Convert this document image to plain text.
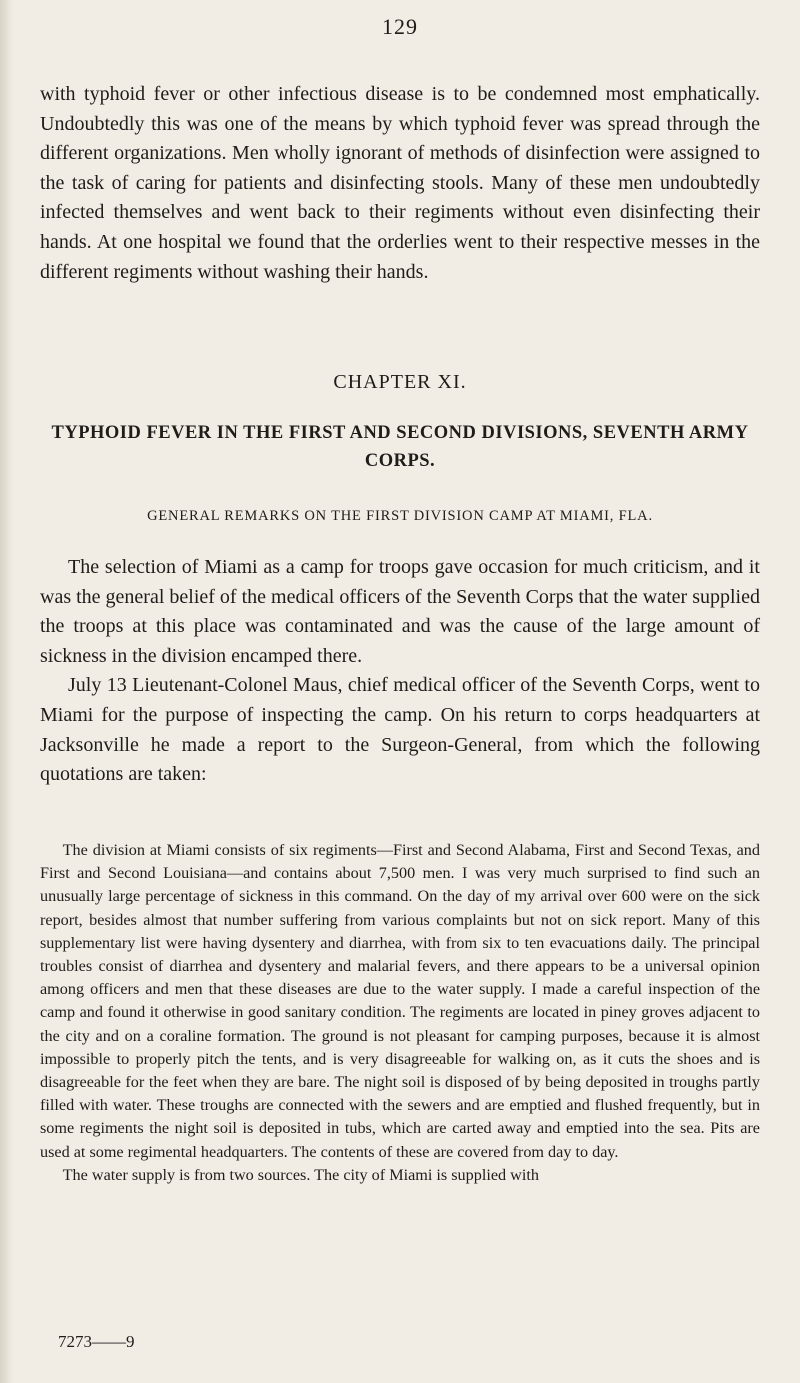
129

with typhoid fever or other infectious disease is to be condemned most emphatically. Undoubtedly this was one of the means by which typhoid fever was spread through the different organizations. Men wholly ignorant of methods of disinfection were assigned to the task of caring for patients and disinfecting stools. Many of these men undoubtedly infected themselves and went back to their regiments without even disinfecting their hands. At one hospital we found that the orderlies went to their respective messes in the different regiments without washing their hands.

CHAPTER XI.
TYPHOID FEVER IN THE FIRST AND SECOND DIVISIONS, SEVENTH ARMY CORPS.
GENERAL REMARKS ON THE FIRST DIVISION CAMP AT MIAMI, FLA.

The selection of Miami as a camp for troops gave occasion for much criticism, and it was the general belief of the medical officers of the Seventh Corps that the water supplied the troops at this place was contaminated and was the cause of the large amount of sickness in the division encamped there.

July 13 Lieutenant-Colonel Maus, chief medical officer of the Seventh Corps, went to Miami for the purpose of inspecting the camp. On his return to corps headquarters at Jacksonville he made a report to the Surgeon-General, from which the following quotations are taken:

The division at Miami consists of six regiments—First and Second Alabama, First and Second Texas, and First and Second Louisiana—and contains about 7,500 men. I was very much surprised to find such an unusually large percentage of sickness in this command. On the day of my arrival over 600 were on the sick report, besides almost that number suffering from various complaints but not on sick report. Many of this supplementary list were having dysentery and diarrhea, with from six to ten evacuations daily. The principal troubles consist of diarrhea and dysentery and malarial fevers, and there appears to be a universal opinion among officers and men that these diseases are due to the water supply. I made a careful inspection of the camp and found it otherwise in good sanitary condition. The regiments are located in piney groves adjacent to the city and on a coraline formation. The ground is not pleasant for camping purposes, because it is almost impossible to properly pitch the tents, and is very disagreeable for walking on, as it cuts the shoes and is disagreeable for the feet when they are bare. The night soil is disposed of by being deposited in troughs partly filled with water. These troughs are connected with the sewers and are emptied and flushed frequently, but in some regiments the night soil is deposited in tubs, which are carted away and emptied into the sea. Pits are used at some regimental headquarters. The contents of these are covered from day to day.

The water supply is from two sources. The city of Miami is supplied with

7273——9
